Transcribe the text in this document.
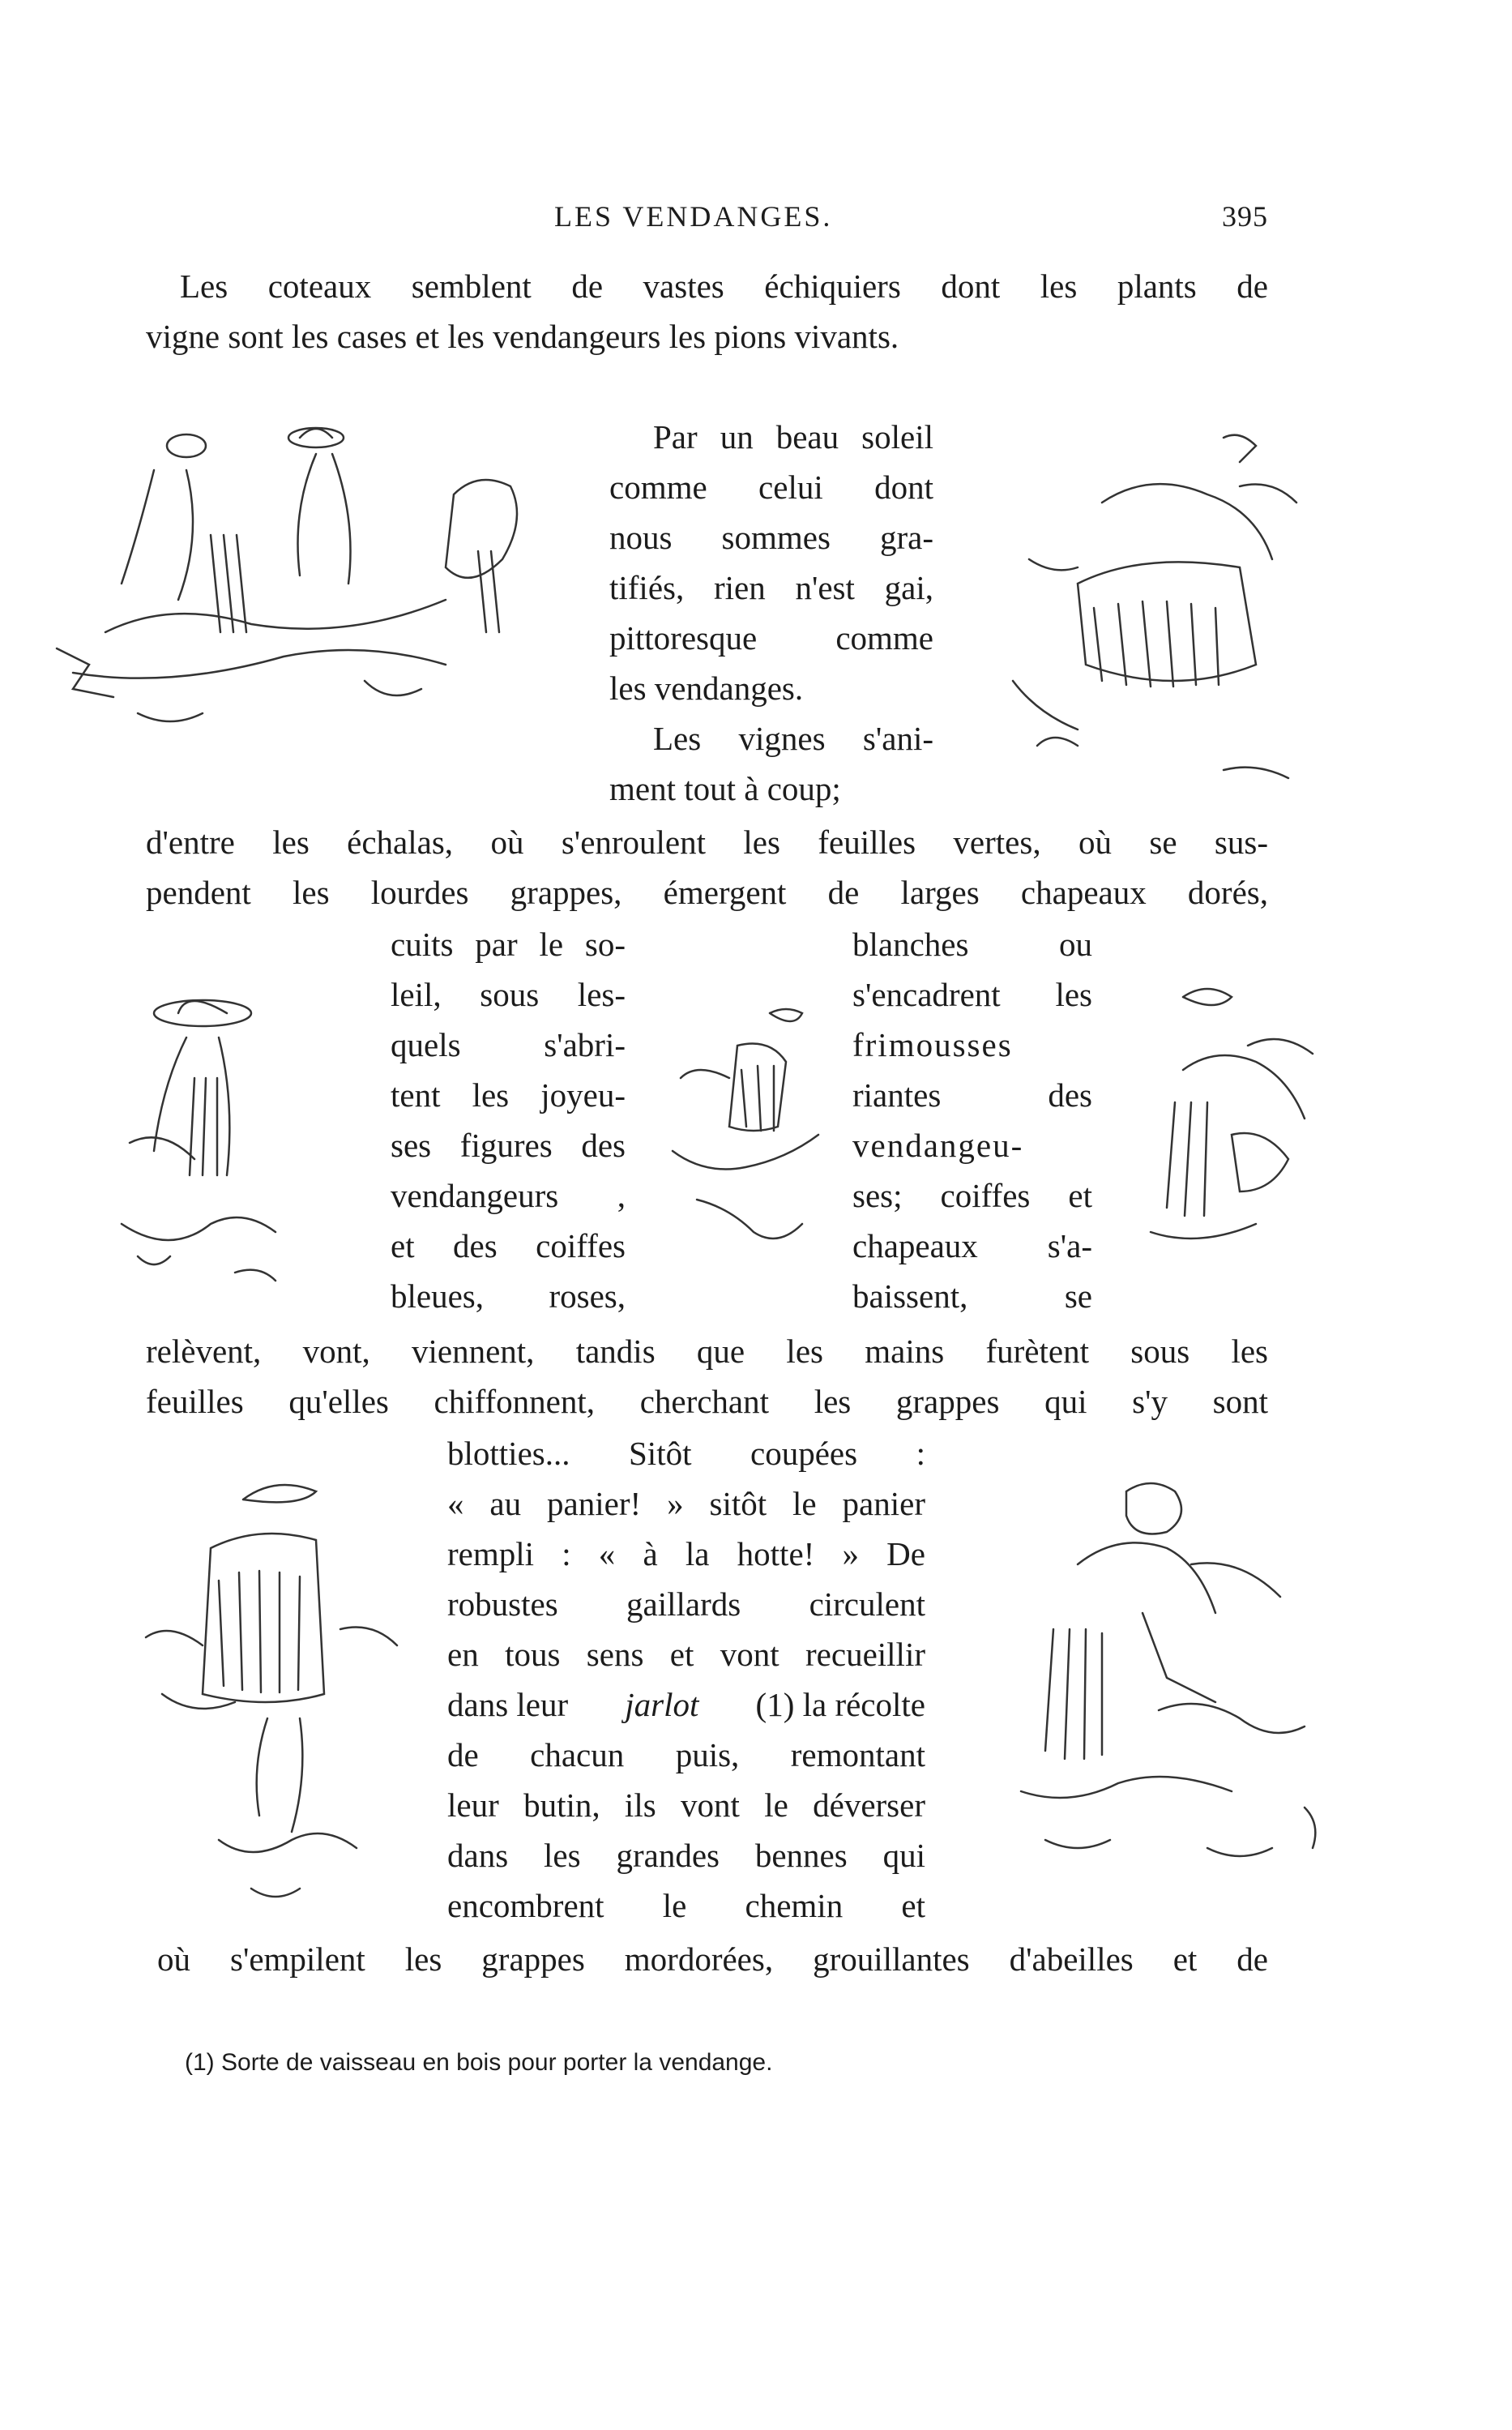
LES VENDANGES.	395
Les coteaux semblent de vastes échiquiers dont les plants de
vigne sont les cases et les vendangeurs les pions vivants.
Par un beau soleil
comme celui dont
nous sommes gra-
tifiés, rien n'est gai,
pittoresque comme
les vendanges.
Les vignes s'ani-
ment tout à coup;
d'entre les échalas, où s'enroulent les feuilles vertes, où se sus-
pendent les lourdes grappes, émergent de larges chapeaux dorés,
cuits par le so-
leil, sous les-
quels s'abri-
tent les joyeu-
ses figures des
vendangeurs ,
et des coiffes
bleues, roses,
blanches ou
s'encadrent les
frimousses
riantes des
vendangeu-
ses; coiffes et
chapeaux s'a-
baissent, se
relèvent, vont, viennent, tandis que les mains furètent sous les
feuilles qu'elles chiffonnent, cherchant les grappes qui s'y sont
blotties... Sitôt coupées :
« au panier! » sitôt le panier
rempli : « à la hotte! » De
robustes gaillards circulent
en tous sens et vont recueillir
dans leur jarlot (1) la récolte
de chacun puis, remontant
leur butin, ils vont le déverser
dans les grandes bennes qui
encombrent le chemin et
où s'empilent les grappes mordorées, grouillantes d'abeilles et de
(1) Sorte de vaisseau en bois pour porter la vendange.
